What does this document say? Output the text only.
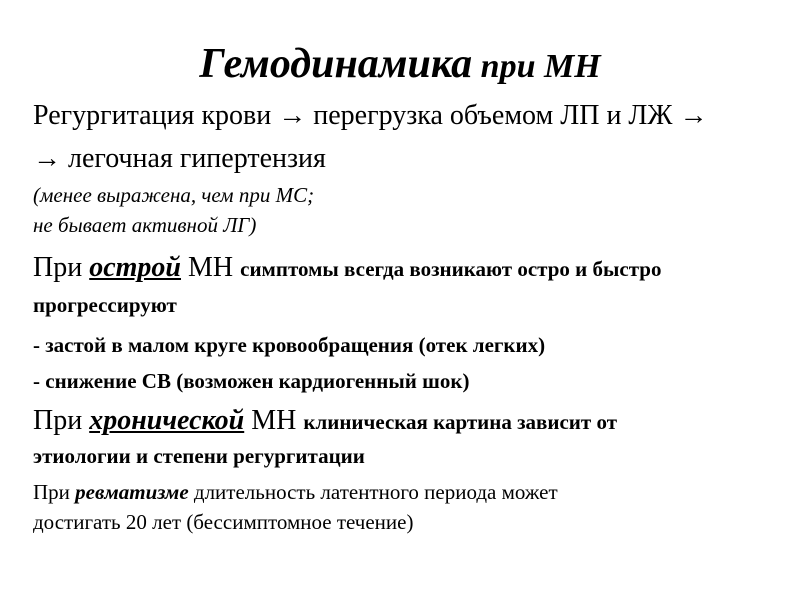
Гемодинамика при МН
Регургитация крови → перегрузка объемом ЛП и ЛЖ →
→ легочная гипертензия
(менее выражена, чем при МС;
не бывает активной ЛГ)
При острой МН симптомы всегда возникают остро и быстро
прогрессируют
- застой в малом круге кровообращения (отек легких)
- снижение СВ (возможен кардиогенный шок)
При хронической МН клиническая картина зависит от
этиологии и степени регургитации
При ревматизме длительность латентного периода может
достигать 20 лет (бессимптомное течение)
